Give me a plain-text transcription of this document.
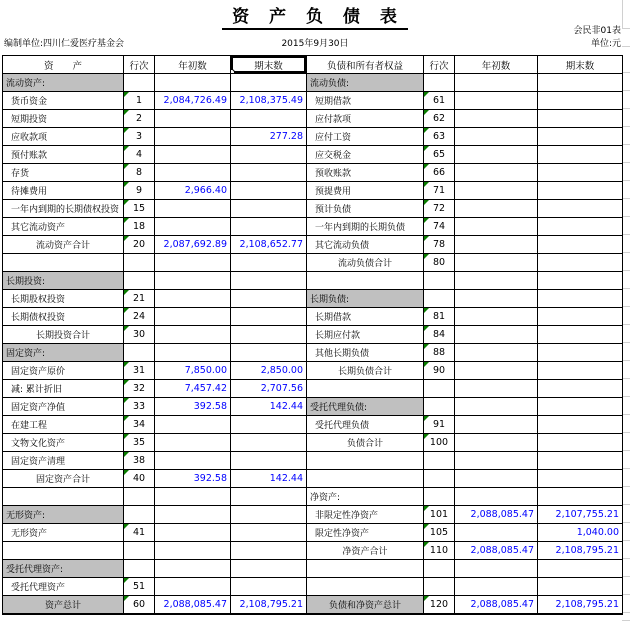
资 产 负 债 表
会民非01表
2015年9月30日
编制单位:四川仁爱医疗基金会	单位:元
资　　产	行次	年初数	期末数	负债和所有者权益	行次	年初数	期末数
流动资产:				流动负债:			
货币资金	1	2,084,726.49	2,108,375.49	短期借款	61

短期投资	2			应付款项	62

应收款项	3		277.28	应付工资	63

预付账款	4			应交税金	65

存货	8			预收账款	66

待摊费用	9	2,966.40		预提费用	71

一年内到期的长期债权投资	15			预计负债	72

其它流动资产	18			一年内到期的长期负债	74

流动资产合计	20	2,087,692.89	2,108,652.77	其它流动负债	78

				流动负债合计	80

长期投资:							
长期股权投资	21			长期负债:			
长期债权投资	24			长期借款	81

长期投资合计	30			长期应付款	84

固定资产:				其他长期负债	88

固定资产原价	31	7,850.00	2,850.00	长期负债合计	90

减: 累计折旧	32	7,457.42	2,707.56				
固定资产净值	33	392.58	142.44	受托代理负债:			
在建工程	34			受托代理负债	91

文物文化资产	35			负债合计	100

固定资产清理	38

固定资产合计	40	392.58	142.44				
				净资产:			
无形资产:				非限定性净资产	101	2,088,085.47	2,107,755.21
无形资产	41			限定性净资产	105		1,040.00
				净资产合计	110	2,088,085.47	2,108,795.21
受托代理资产:							
受托代理资产	51

资产总计	60	2,088,085.47	2,108,795.21	负债和净资产总计	120	2,088,085.47	2,108,795.21
